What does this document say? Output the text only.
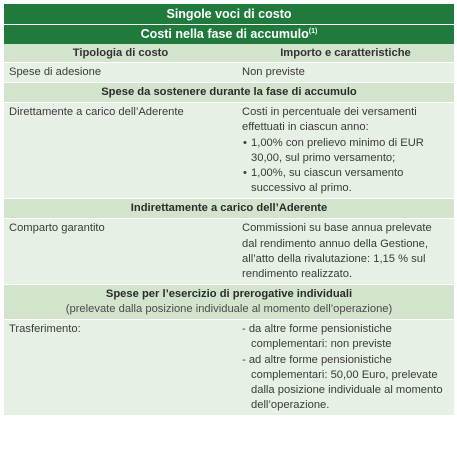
Singole voci di costo
Costi nella fase di accumulo$^{(1)}$
Tipologia di costo	Importo e caratteristiche
Spese di adesione	Non previste
Spese da sostenere durante la fase di accumulo
Direttamente a carico dell’Aderente	Costi in percentuale dei versamenti effettuati in ciascun anno:
• 1,00% con prelievo minimo di EUR 30,00, sul primo versamento;
• 1,00%, su ciascun versamento successivo al primo.
Indirettamente a carico dell’Aderente
Comparto garantito	Commissioni su base annua prelevate dal rendimento annuo della Gestione, all’atto della rivalutazione: 1,15 % sul rendimento realizzato.
Spese per l’esercizio di prerogative individuali
(prelevate dalla posizione individuale al momento dell’operazione)
Trasferimento:	- da altre forme pensionistiche complementari: non previste
- ad altre forme pensionistiche complementari: 50,00 Euro, prelevate dalla posizione individuale al momento dell’operazione.
